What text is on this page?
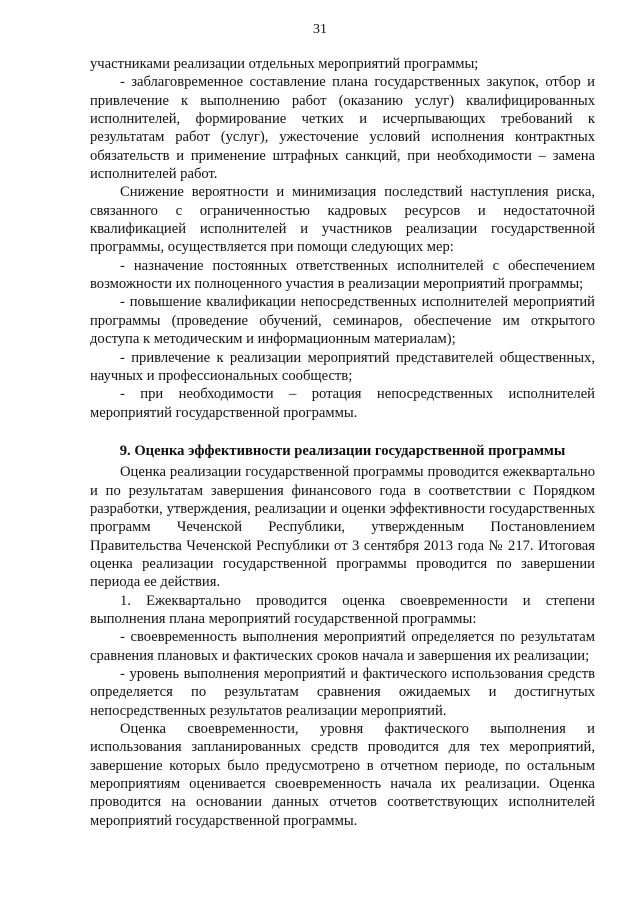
31

участниками реализации отдельных мероприятий программы;

- заблаговременное составление плана государственных закупок, отбор и привлечение к выполнению работ (оказанию услуг) квалифицированных исполнителей, формирование четких и исчерпывающих требований к результатам работ (услуг), ужесточение условий исполнения контрактных обязательств и применение штрафных санкций, при необходимости – замена исполнителей работ.

Снижение вероятности и минимизация последствий наступления риска, связанного с ограниченностью кадровых ресурсов и недостаточной квалификацией исполнителей и участников реализации государственной программы, осуществляется при помощи следующих мер:

- назначение постоянных ответственных исполнителей с обеспечением возможности их полноценного участия в реализации мероприятий программы;

- повышение квалификации непосредственных исполнителей мероприятий программы (проведение обучений, семинаров, обеспечение им открытого доступа к методическим и информационным материалам);

- привлечение к реализации мероприятий представителей общественных, научных и профессиональных сообществ;

- при необходимости – ротация непосредственных исполнителей мероприятий государственной программы.

9. Оценка эффективности реализации государственной программы

Оценка реализации государственной программы проводится ежеквартально и по результатам завершения финансового года в соответствии с Порядком разработки, утверждения, реализации и оценки эффективности государственных программ Чеченской Республики, утвержденным Постановлением Правительства Чеченской Республики от 3 сентября 2013 года № 217. Итоговая оценка реализации государственной программы проводится по завершении периода ее действия.

1. Ежеквартально проводится оценка своевременности и степени выполнения плана мероприятий государственной программы:

- своевременность выполнения мероприятий определяется по результатам сравнения плановых и фактических сроков начала и завершения их реализации;

- уровень выполнения мероприятий и фактического использования средств определяется по результатам сравнения ожидаемых и достигнутых непосредственных результатов реализации мероприятий.

Оценка своевременности, уровня фактического выполнения и использования запланированных средств проводится для тех мероприятий, завершение которых было предусмотрено в отчетном периоде, по остальным мероприятиям оценивается своевременность начала их реализации. Оценка проводится на основании данных отчетов соответствующих исполнителей мероприятий государственной программы.
